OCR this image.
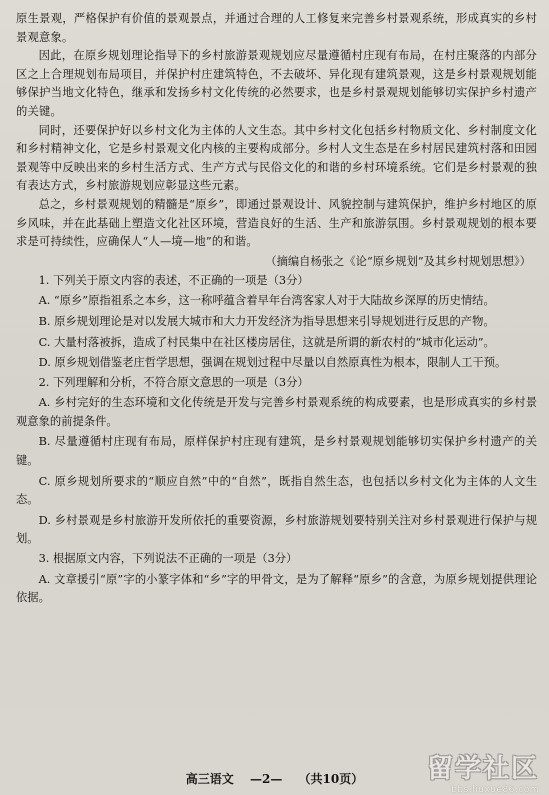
原生景观，严格保护有价值的景观景点，并通过合理的人工修复来完善乡村景观系统，形成真实的乡村景观意象。

因此，在原乡规划理论指导下的乡村旅游景观规划应尽量遵循村庄现有布局，在村庄聚落的内部分区之上合理规划布局项目，并保护村庄建筑特色，不去破坏、异化现有建筑景观，这是乡村景观规划能够保护当地文化特色，继承和发扬乡村文化传统的必然要求，也是乡村景观规划能够切实保护乡村遗产的关键。

同时，还要保护好以乡村文化为主体的人文生态。其中乡村文化包括乡村物质文化、乡村制度文化和乡村精神文化，它是乡村景观文化内核的主要构成部分。乡村人文生态是在乡村居民建筑村落和田园景观等中反映出来的乡村生活方式、生产方式与民俗文化的和谐的乡村环境系统。它们是乡村景观的独有表达方式，乡村旅游规划应彰显这些元素。

总之，乡村景观规划的精髓是“原乡”，即通过景观设计、风貌控制与建筑保护，维护乡村地区的原乡风味，并在此基础上塑造文化社区环境，营造良好的生活、生产和旅游氛围。乡村景观规划的根本要求是可持续性，应确保人“人—境—地”的和谐。

（摘编自杨张之《论“原乡规划”及其乡村规划思想》）

1. 下列关于原文内容的表述，不正确的一项是（3分）

A. “原乡”原指祖系之本乡，这一称呼蕴含着早年台湾客家人对于大陆故乡深厚的历史情结。

B. 原乡规划理论是对以发展大城市和大力开发经济为指导思想来引导规划进行反思的产物。

C. 大量村落被拆，造成了村民集中在社区楼房居住，这就是所谓的新农村的“城市化运动”。

D. 原乡规划借鉴老庄哲学思想，强调在规划过程中尽量以自然原真性为根本，限制人工干预。

2. 下列理解和分析，不符合原文意思的一项是（3分）

A. 乡村完好的生态环境和文化传统是开发与完善乡村景观系统的构成要素，也是形成真实的乡村景观意象的前提条件。

B. 尽量遵循村庄现有布局，原样保护村庄现有建筑，是乡村景观规划能够切实保护乡村遗产的关键。

C. 原乡规划所要求的“顺应自然”中的“自然”，既指自然生态，也包括以乡村文化为主体的人文生态。

D. 乡村景观是乡村旅游开发所依托的重要资源，乡村旅游规划要特别关注对乡村景观进行保护与规划。

3. 根据原文内容，下列说法不正确的一项是（3分）

A. 文章援引“原”字的小篆字体和“乡”字的甲骨文，是为了解释“原乡”的含意，为原乡规划提供理论依据。

高三语文 —2— （共10页）	留学社区
bbs.liuxue86.com
